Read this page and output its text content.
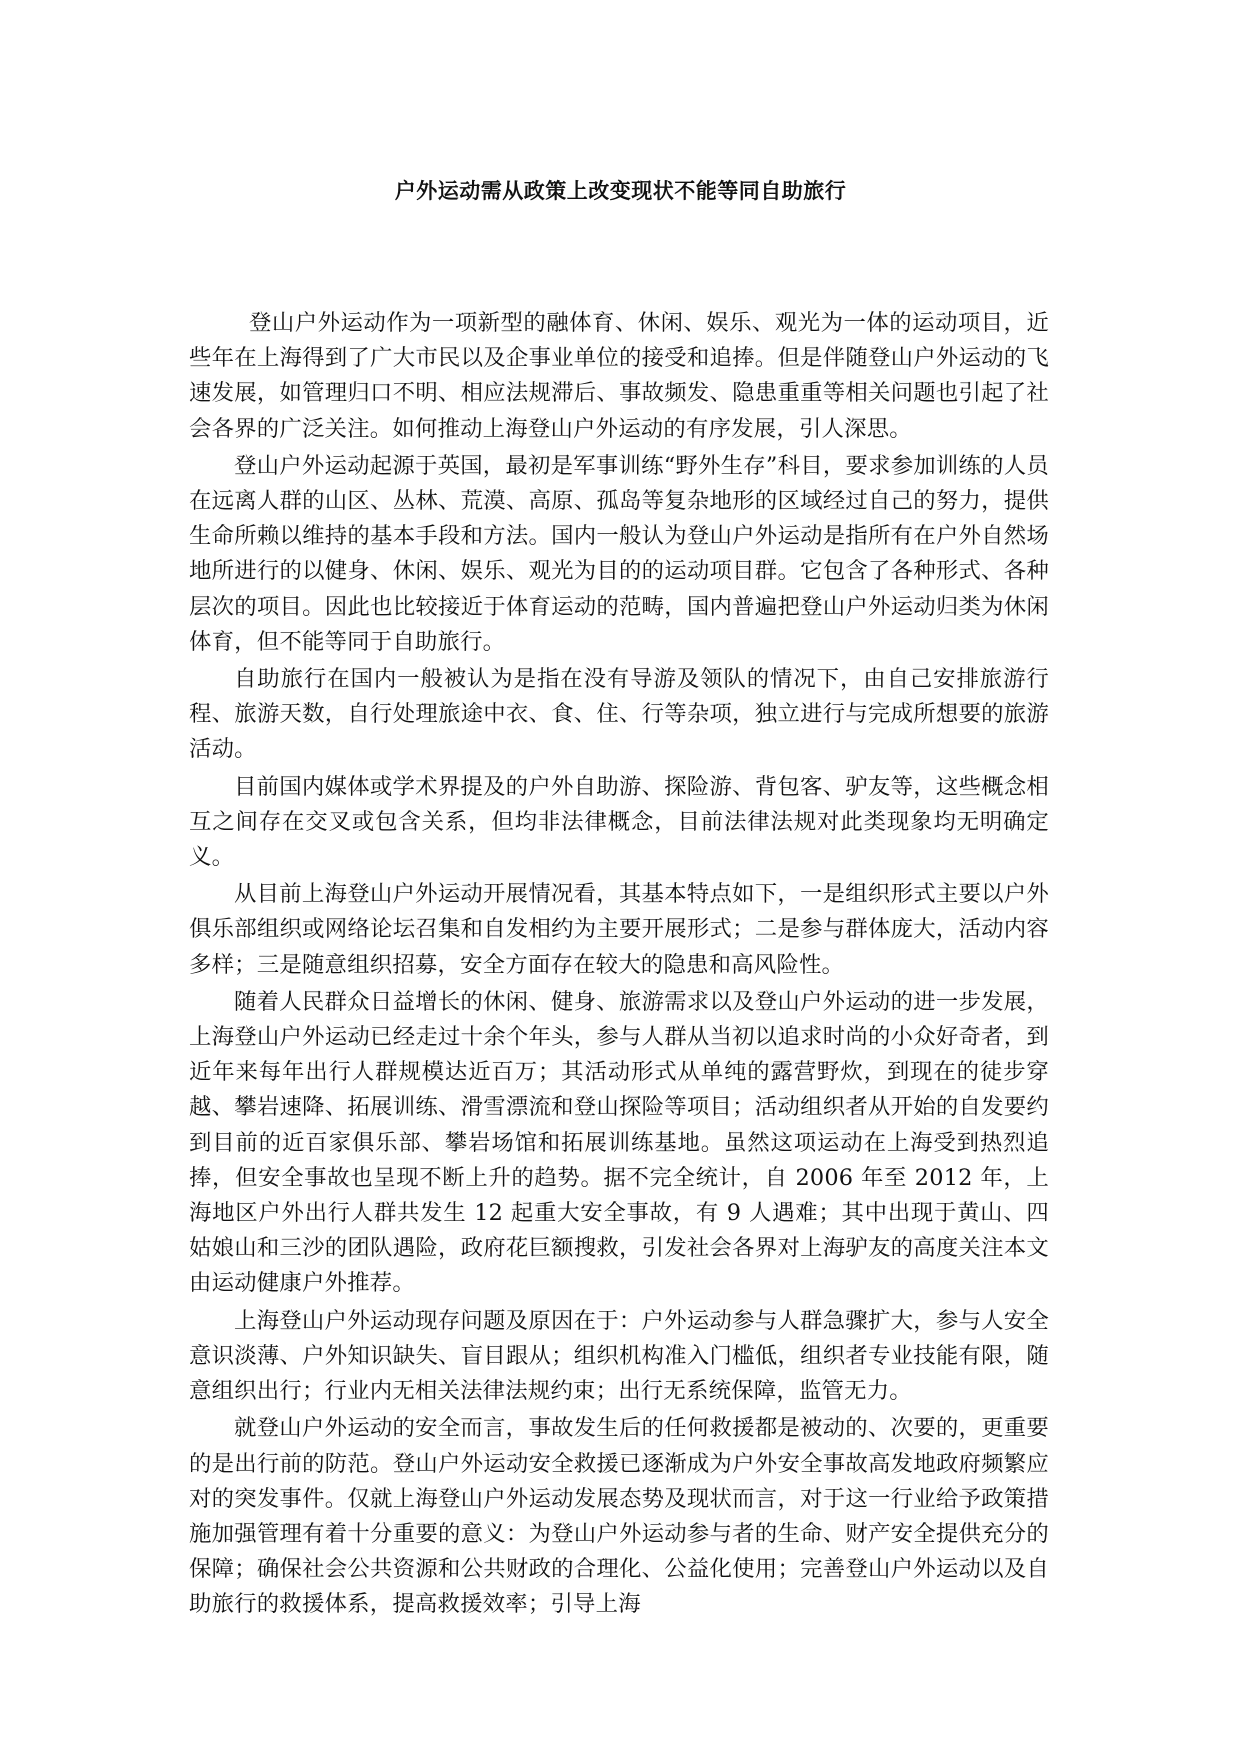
户外运动需从政策上改变现状不能等同自助旅行

登山户外运动作为一项新型的融体育、休闲、娱乐、观光为一体的运动项目，近些年在上海得到了广大市民以及企事业单位的接受和追捧。但是伴随登山户外运动的飞速发展，如管理归口不明、相应法规滞后、事故频发、隐患重重等相关问题也引起了社会各界的广泛关注。如何推动上海登山户外运动的有序发展，引人深思。

登山户外运动起源于英国，最初是军事训练“野外生存”科目，要求参加训练的人员在远离人群的山区、丛林、荒漠、高原、孤岛等复杂地形的区域经过自己的努力，提供生命所赖以维持的基本手段和方法。国内一般认为登山户外运动是指所有在户外自然场地所进行的以健身、休闲、娱乐、观光为目的的运动项目群。它包含了各种形式、各种层次的项目。因此也比较接近于体育运动的范畴，国内普遍把登山户外运动归类为休闲体育，但不能等同于自助旅行。

自助旅行在国内一般被认为是指在没有导游及领队的情况下，由自己安排旅游行程、旅游天数，自行处理旅途中衣、食、住、行等杂项，独立进行与完成所想要的旅游活动。

目前国内媒体或学术界提及的户外自助游、探险游、背包客、驴友等，这些概念相互之间存在交叉或包含关系，但均非法律概念，目前法律法规对此类现象均无明确定义。

从目前上海登山户外运动开展情况看，其基本特点如下，一是组织形式主要以户外俱乐部组织或网络论坛召集和自发相约为主要开展形式；二是参与群体庞大，活动内容多样；三是随意组织招募，安全方面存在较大的隐患和高风险性。

随着人民群众日益增长的休闲、健身、旅游需求以及登山户外运动的进一步发展，上海登山户外运动已经走过十余个年头，参与人群从当初以追求时尚的小众好奇者，到近年来每年出行人群规模达近百万；其活动形式从单纯的露营野炊，到现在的徒步穿越、攀岩速降、拓展训练、滑雪漂流和登山探险等项目；活动组织者从开始的自发要约到目前的近百家俱乐部、攀岩场馆和拓展训练基地。虽然这项运动在上海受到热烈追捧，但安全事故也呈现不断上升的趋势。据不完全统计，自 2006 年至 2012 年，上海地区户外出行人群共发生 12 起重大安全事故，有 9 人遇难；其中出现于黄山、四姑娘山和三沙的团队遇险，政府花巨额搜救，引发社会各界对上海驴友的高度关注本文由运动健康户外推荐。

上海登山户外运动现存问题及原因在于：户外运动参与人群急骤扩大，参与人安全意识淡薄、户外知识缺失、盲目跟从；组织机构准入门槛低，组织者专业技能有限，随意组织出行；行业内无相关法律法规约束；出行无系统保障，监管无力。

就登山户外运动的安全而言，事故发生后的任何救援都是被动的、次要的，更重要的是出行前的防范。登山户外运动安全救援已逐渐成为户外安全事故高发地政府频繁应对的突发事件。仅就上海登山户外运动发展态势及现状而言，对于这一行业给予政策措施加强管理有着十分重要的意义：为登山户外运动参与者的生命、财产安全提供充分的保障；确保社会公共资源和公共财政的合理化、公益化使用；完善登山户外运动以及自助旅行的救援体系，提高救援效率；引导上海
